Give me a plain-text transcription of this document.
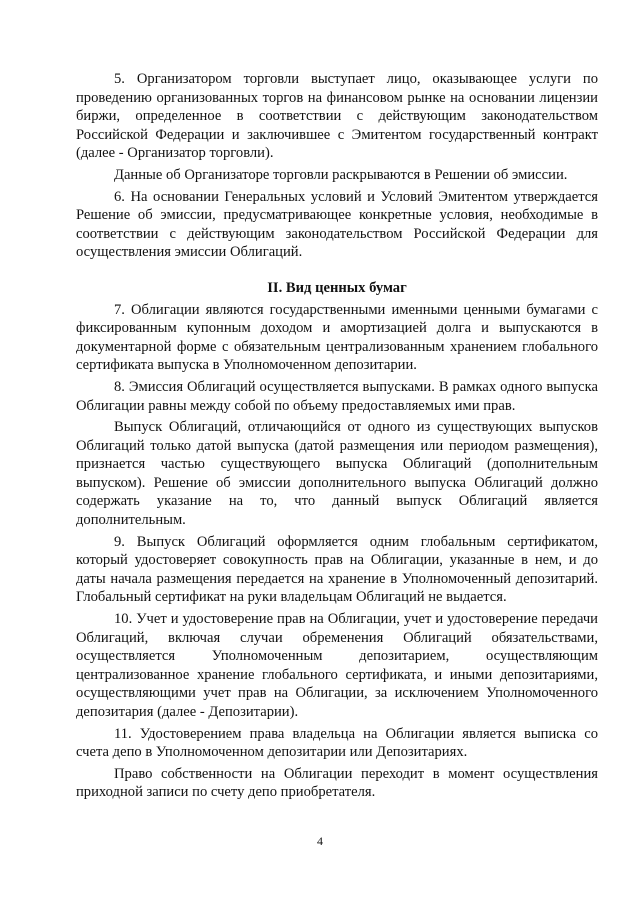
5. Организатором торговли выступает лицо, оказывающее услуги по проведению организованных торгов на финансовом рынке на основании лицензии биржи, определенное в соответствии с действующим законодательством Российской Федерации и заключившее с Эмитентом государственный контракт (далее - Организатор торговли).

Данные об Организаторе торговли раскрываются в Решении об эмиссии.

6. На основании Генеральных условий и Условий Эмитентом утверждается Решение об эмиссии, предусматривающее конкретные условия, необходимые в соответствии с действующим законодательством Российской Федерации для осуществления эмиссии Облигаций.

II. Вид ценных бумаг

7. Облигации являются государственными именными ценными бумагами с фиксированным купонным доходом и амортизацией долга и выпускаются в документарной форме с обязательным централизованным хранением глобального сертификата выпуска в Уполномоченном депозитарии.

8. Эмиссия Облигаций осуществляется выпусками. В рамках одного выпуска Облигации равны между собой по объему предоставляемых ими прав.

Выпуск Облигаций, отличающийся от одного из существующих выпусков Облигаций только датой выпуска (датой размещения или периодом размещения), признается частью существующего выпуска Облигаций (дополнительным выпуском). Решение об эмиссии дополнительного выпуска Облигаций должно содержать указание на то, что данный выпуск Облигаций является дополнительным.

9. Выпуск Облигаций оформляется одним глобальным сертификатом, который удостоверяет совокупность прав на Облигации, указанные в нем, и до даты начала размещения передается на хранение в Уполномоченный депозитарий. Глобальный сертификат на руки владельцам Облигаций не выдается.

10. Учет и удостоверение прав на Облигации, учет и удостоверение передачи Облигаций, включая случаи обременения Облигаций обязательствами, осуществляется Уполномоченным депозитарием, осуществляющим централизованное хранение глобального сертификата, и иными депозитариями, осуществляющими учет прав на Облигации, за исключением Уполномоченного депозитария (далее - Депозитарии).

11. Удостоверением права владельца на Облигации является выписка со счета депо в Уполномоченном депозитарии или Депозитариях.

Право собственности на Облигации переходит в момент осуществления приходной записи по счету депо приобретателя.

4
